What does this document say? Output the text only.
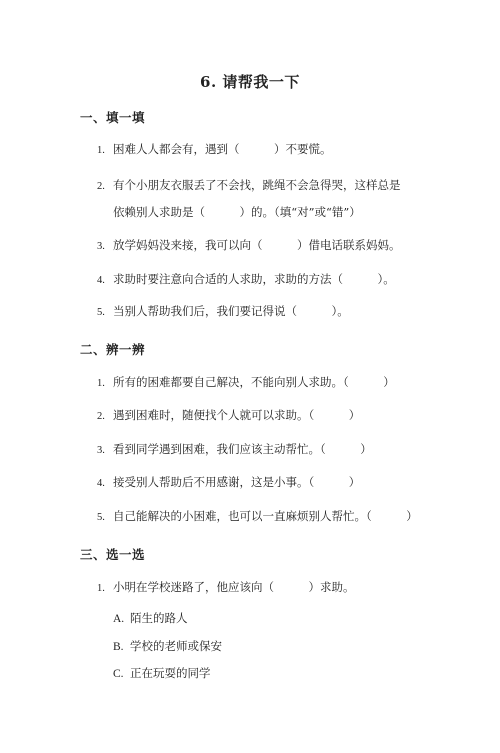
6. 请帮我一下
一、填一填
1. 困难人人都会有，遇到（　　　）不要慌。
2. 有个小朋友衣服丢了不会找，跳绳不会急得哭，这样总是
依赖别人求助是（　　　）的。（填“对”或“错”）
3. 放学妈妈没来接，我可以向（　　　）借电话联系妈妈。
4. 求助时要注意向合适的人求助，求助的方法（　　　）。
5. 当别人帮助我们后，我们要记得说（　　　）。
二、辨一辨
1. 所有的困难都要自己解决，不能向别人求助。（　　　）
2. 遇到困难时，随便找个人就可以求助。（　　　）
3. 看到同学遇到困难，我们应该主动帮忙。（　　　）
4. 接受别人帮助后不用感谢，这是小事。（　　　）
5. 自己能解决的小困难，也可以一直麻烦别人帮忙。（　　　）
三、选一选
1. 小明在学校迷路了，他应该向（　　　）求助。
A. 陌生的路人
B. 学校的老师或保安
C. 正在玩耍的同学
